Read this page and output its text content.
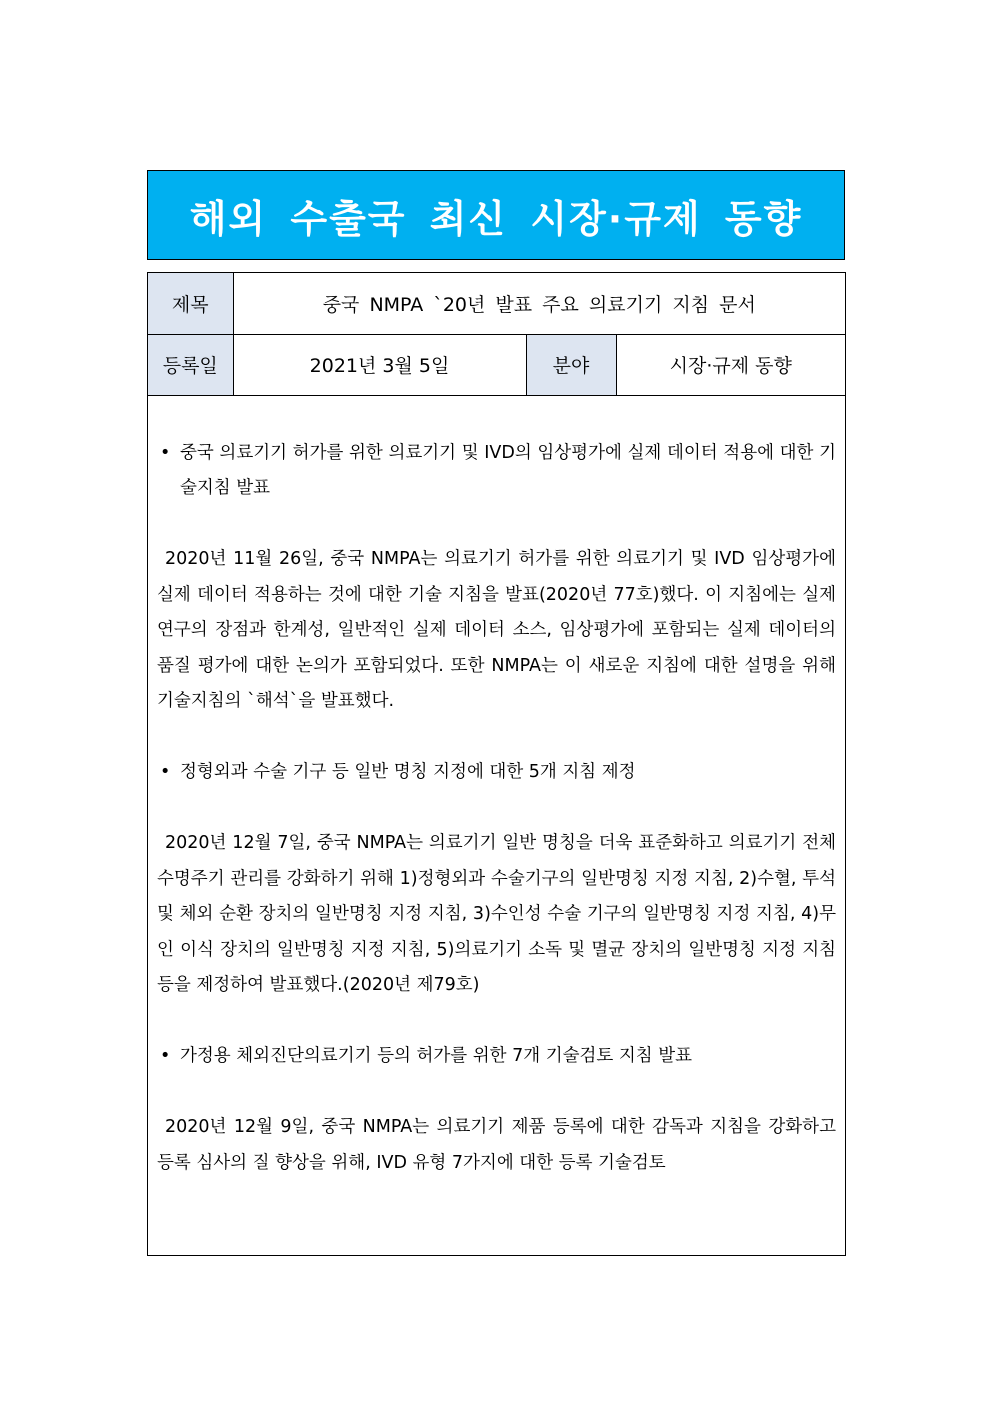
해외 수출국 최신 시장·규제 동향
제목	중국 NMPA `20년 발표 주요 의료기기 지침 문서		
등록일	2021년 3월 5일	분야	시장·규제 동향
• 중국 의료기기 허가를 위한 의료기기 및 IVD의 임상평가에 실제 데이터 적용에 대한 기술지침 발표

2020년 11월 26일, 중국 NMPA는 의료기기 허가를 위한 의료기기 및 IVD 임상평가에 실제 데이터 적용하는 것에 대한 기술 지침을 발표(2020년 77호)했다. 이 지침에는 실제 연구의 장점과 한계성, 일반적인 실제 데이터 소스, 임상평가에 포함되는 실제 데이터의 품질 평가에 대한 논의가 포함되었다. 또한 NMPA는 이 새로운 지침에 대한 설명을 위해 기술지침의 `해석`을 발표했다.

• 정형외과 수술 기구 등 일반 명칭 지정에 대한 5개 지침 제정

2020년 12월 7일, 중국 NMPA는 의료기기 일반 명칭을 더욱 표준화하고 의료기기 전체 수명주기 관리를 강화하기 위해 1)정형외과 수술기구의 일반명칭 지정 지침, 2)수혈, 투석 및 체외 순환 장치의 일반명칭 지정 지침, 3)수인성 수술 기구의 일반명칭 지정 지침, 4)무인 이식 장치의 일반명칭 지정 지침, 5)의료기기 소독 및 멸균 장치의 일반명칭 지정 지침 등을 제정하여 발표했다.(2020년 제79호)

• 가정용 체외진단의료기기 등의 허가를 위한 7개 기술검토 지침 발표

2020년 12월 9일, 중국 NMPA는 의료기기 제품 등록에 대한 감독과 지침을 강화하고 등록 심사의 질 향상을 위해, IVD 유형 7가지에 대한 등록 기술검토
